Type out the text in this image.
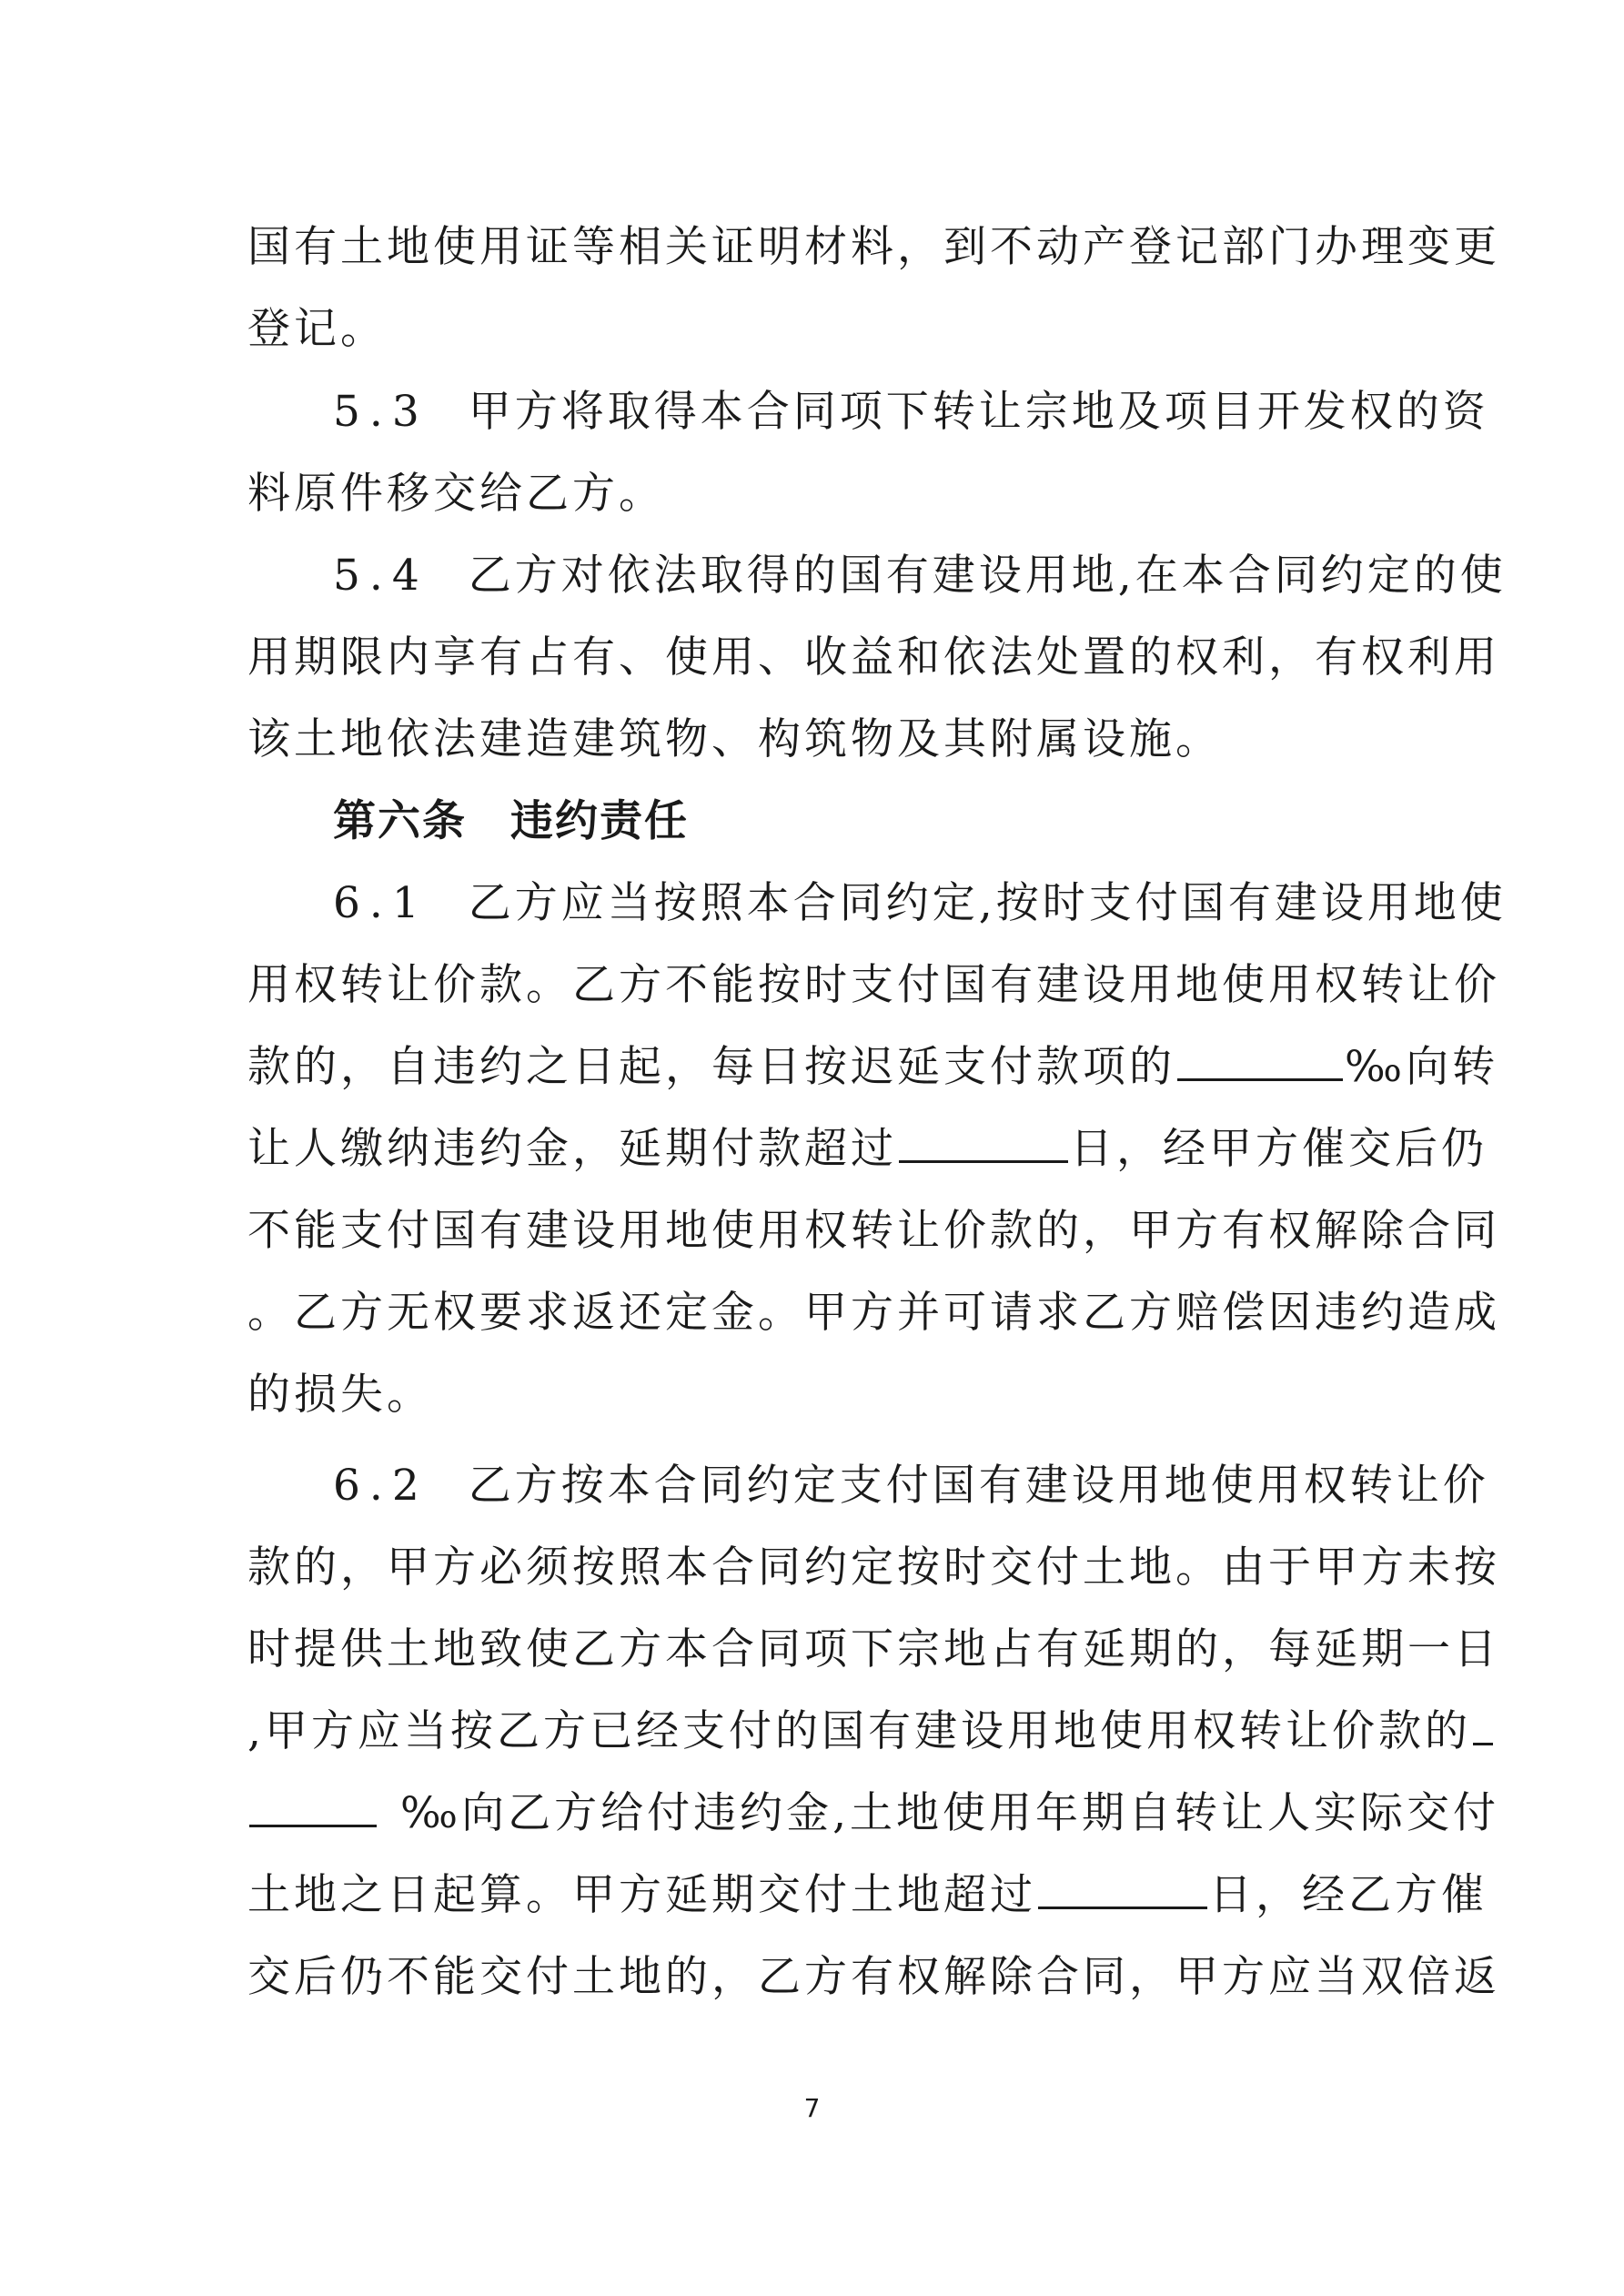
国有土地使用证等相关证明材料，到不动产登记部门办理变更
登记。
5.3 甲方将取得本合同项下转让宗地及项目开发权的资
料原件移交给乙方。
5.4 乙方对依法取得的国有建设用地,在本合同约定的使
用期限内享有占有、使用、收益和依法处置的权利，有权利用
该土地依法建造建筑物、构筑物及其附属设施。
第六条 违约责任
6.1 乙方应当按照本合同约定,按时支付国有建设用地使
用权转让价款。乙方不能按时支付国有建设用地使用权转让价
款的，自违约之日起，每日按迟延支付款项的	‰向转
让人缴纳违约金，延期付款超过	日，经甲方催交后仍
不能支付国有建设用地使用权转让价款的，甲方有权解除合同
。乙方无权要求返还定金。甲方并可请求乙方赔偿因违约造成
的损失。
6.2 乙方按本合同约定支付国有建设用地使用权转让价
款的，甲方必须按照本合同约定按时交付土地。由于甲方未按
时提供土地致使乙方本合同项下宗地占有延期的，每延期一日
,甲方应当按乙方已经支付的国有建设用地使用权转让价款的
‰向乙方给付违约金,土地使用年期自转让人实际交付
土地之日起算。甲方延期交付土地超过	日，经乙方催
交后仍不能交付土地的，乙方有权解除合同，甲方应当双倍返
7
